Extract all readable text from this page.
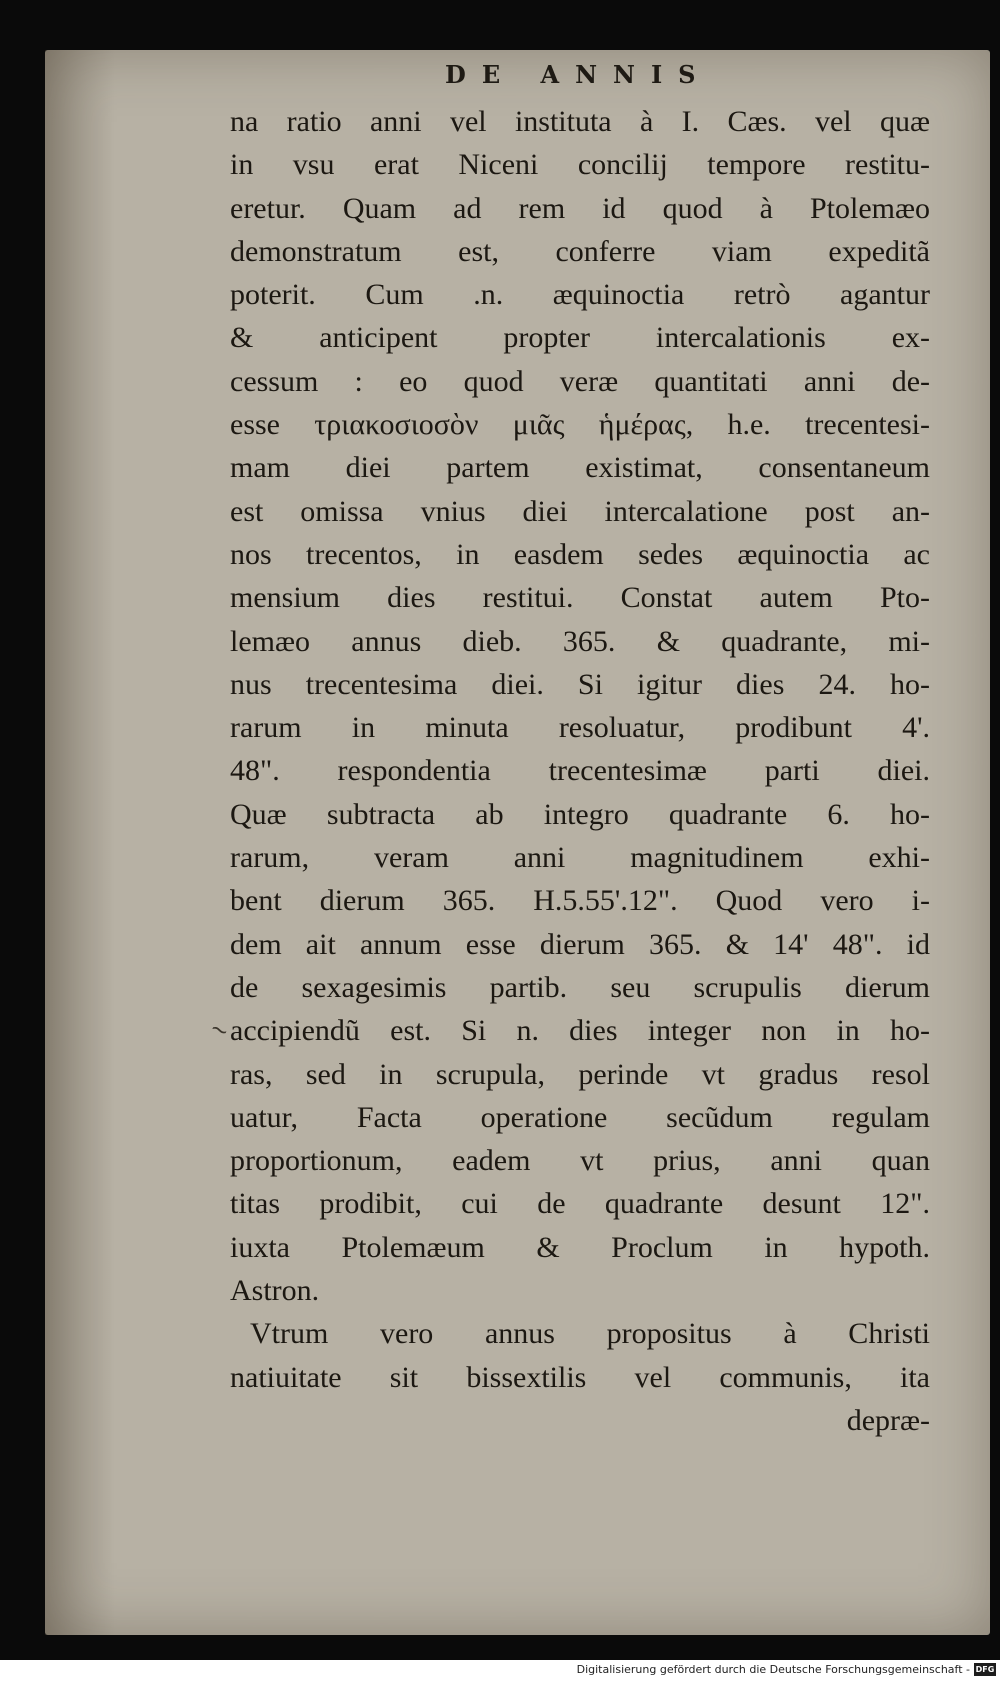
DE ANNIS
~
na ratio anni vel instituta à I. Cæs. vel quæ
in vsu erat Niceni concilij tempore restitu-
eretur. Quam ad rem id quod à Ptolemæo
demonstratum est, conferre viam expeditã
poterit. Cum .n. æquinoctia retrò agantur
& anticipent propter intercalationis ex-
cessum : eo quod veræ quantitati anni de-
esse τριακοσιοσὸν μιᾶς ἡμέρας, h.e. trecentesi-
mam diei partem existimat, consentaneum
est omissa vnius diei intercalatione post an-
nos trecentos, in easdem sedes æquinoctia ac
mensium dies restitui. Constat autem Pto-
lemæo annus dieb. 365. & quadrante, mi-
nus trecentesima diei. Si igitur dies 24. ho-
rarum in minuta resoluatur, prodibunt 4'.
48". respondentia trecentesimæ parti diei.
Quæ subtracta ab integro quadrante 6. ho-
rarum, veram anni magnitudinem exhi-
bent dierum 365. H.5.55'.12". Quod vero i-
dem ait annum esse dierum 365. & 14' 48". id
de sexagesimis partib. seu scrupulis dierum
accipiendũ est. Si n. dies integer non in ho-
ras, sed in scrupula, perinde vt gradus resol
uatur, Facta operatione secũdum regulam
proportionum, eadem vt prius, anni quan
titas prodibit, cui de quadrante desunt 12".
iuxta Ptolemæum & Proclum in hypoth.
Astron.
Vtrum vero annus propositus à Christi
natiuitate sit bissextilis vel communis, ita
depræ-
Digitalisierung gefördert durch die Deutsche Forschungsgemeinschaft - DFG
